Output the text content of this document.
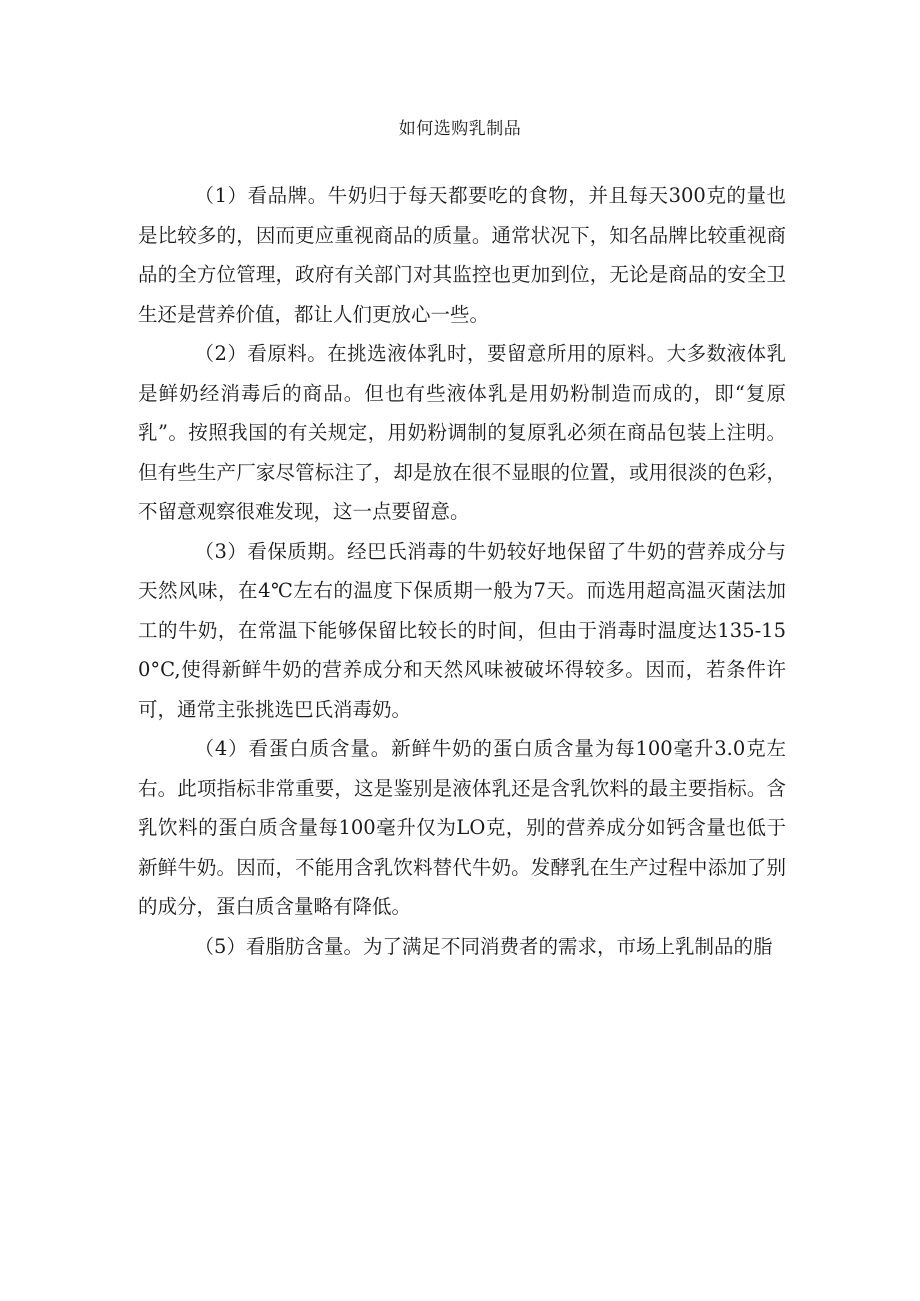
如何选购乳制品

（1）看品牌。牛奶归于每天都要吃的食物，并且每天300克的量也是比较多的，因而更应重视商品的质量。通常状况下，知名品牌比较重视商品的全方位管理，政府有关部门对其监控也更加到位，无论是商品的安全卫生还是营养价值，都让人们更放心一些。

（2）看原料。在挑选液体乳时，要留意所用的原料。大多数液体乳是鲜奶经消毒后的商品。但也有些液体乳是用奶粉制造而成的，即“复原乳”。按照我国的有关规定，用奶粉调制的复原乳必须在商品包装上注明。但有些生产厂家尽管标注了，却是放在很不显眼的位置，或用很淡的色彩，不留意观察很难发现，这一点要留意。

（3）看保质期。经巴氏消毒的牛奶较好地保留了牛奶的营养成分与天然风味，在4℃左右的温度下保质期一般为7天。而选用超高温灭菌法加工的牛奶，在常温下能够保留比较长的时间，但由于消毒时温度达135-150°C,使得新鲜牛奶的营养成分和天然风味被破坏得较多。因而，若条件许可，通常主张挑选巴氏消毒奶。

（4）看蛋白质含量。新鲜牛奶的蛋白质含量为每100毫升3.0克左右。此项指标非常重要，这是鉴别是液体乳还是含乳饮料的最主要指标。含乳饮料的蛋白质含量每100毫升仅为LO克，别的营养成分如钙含量也低于新鲜牛奶。因而，不能用含乳饮料替代牛奶。发酵乳在生产过程中添加了别的成分，蛋白质含量略有降低。

（5）看脂肪含量。为了满足不同消费者的需求，市场上乳制品的脂
